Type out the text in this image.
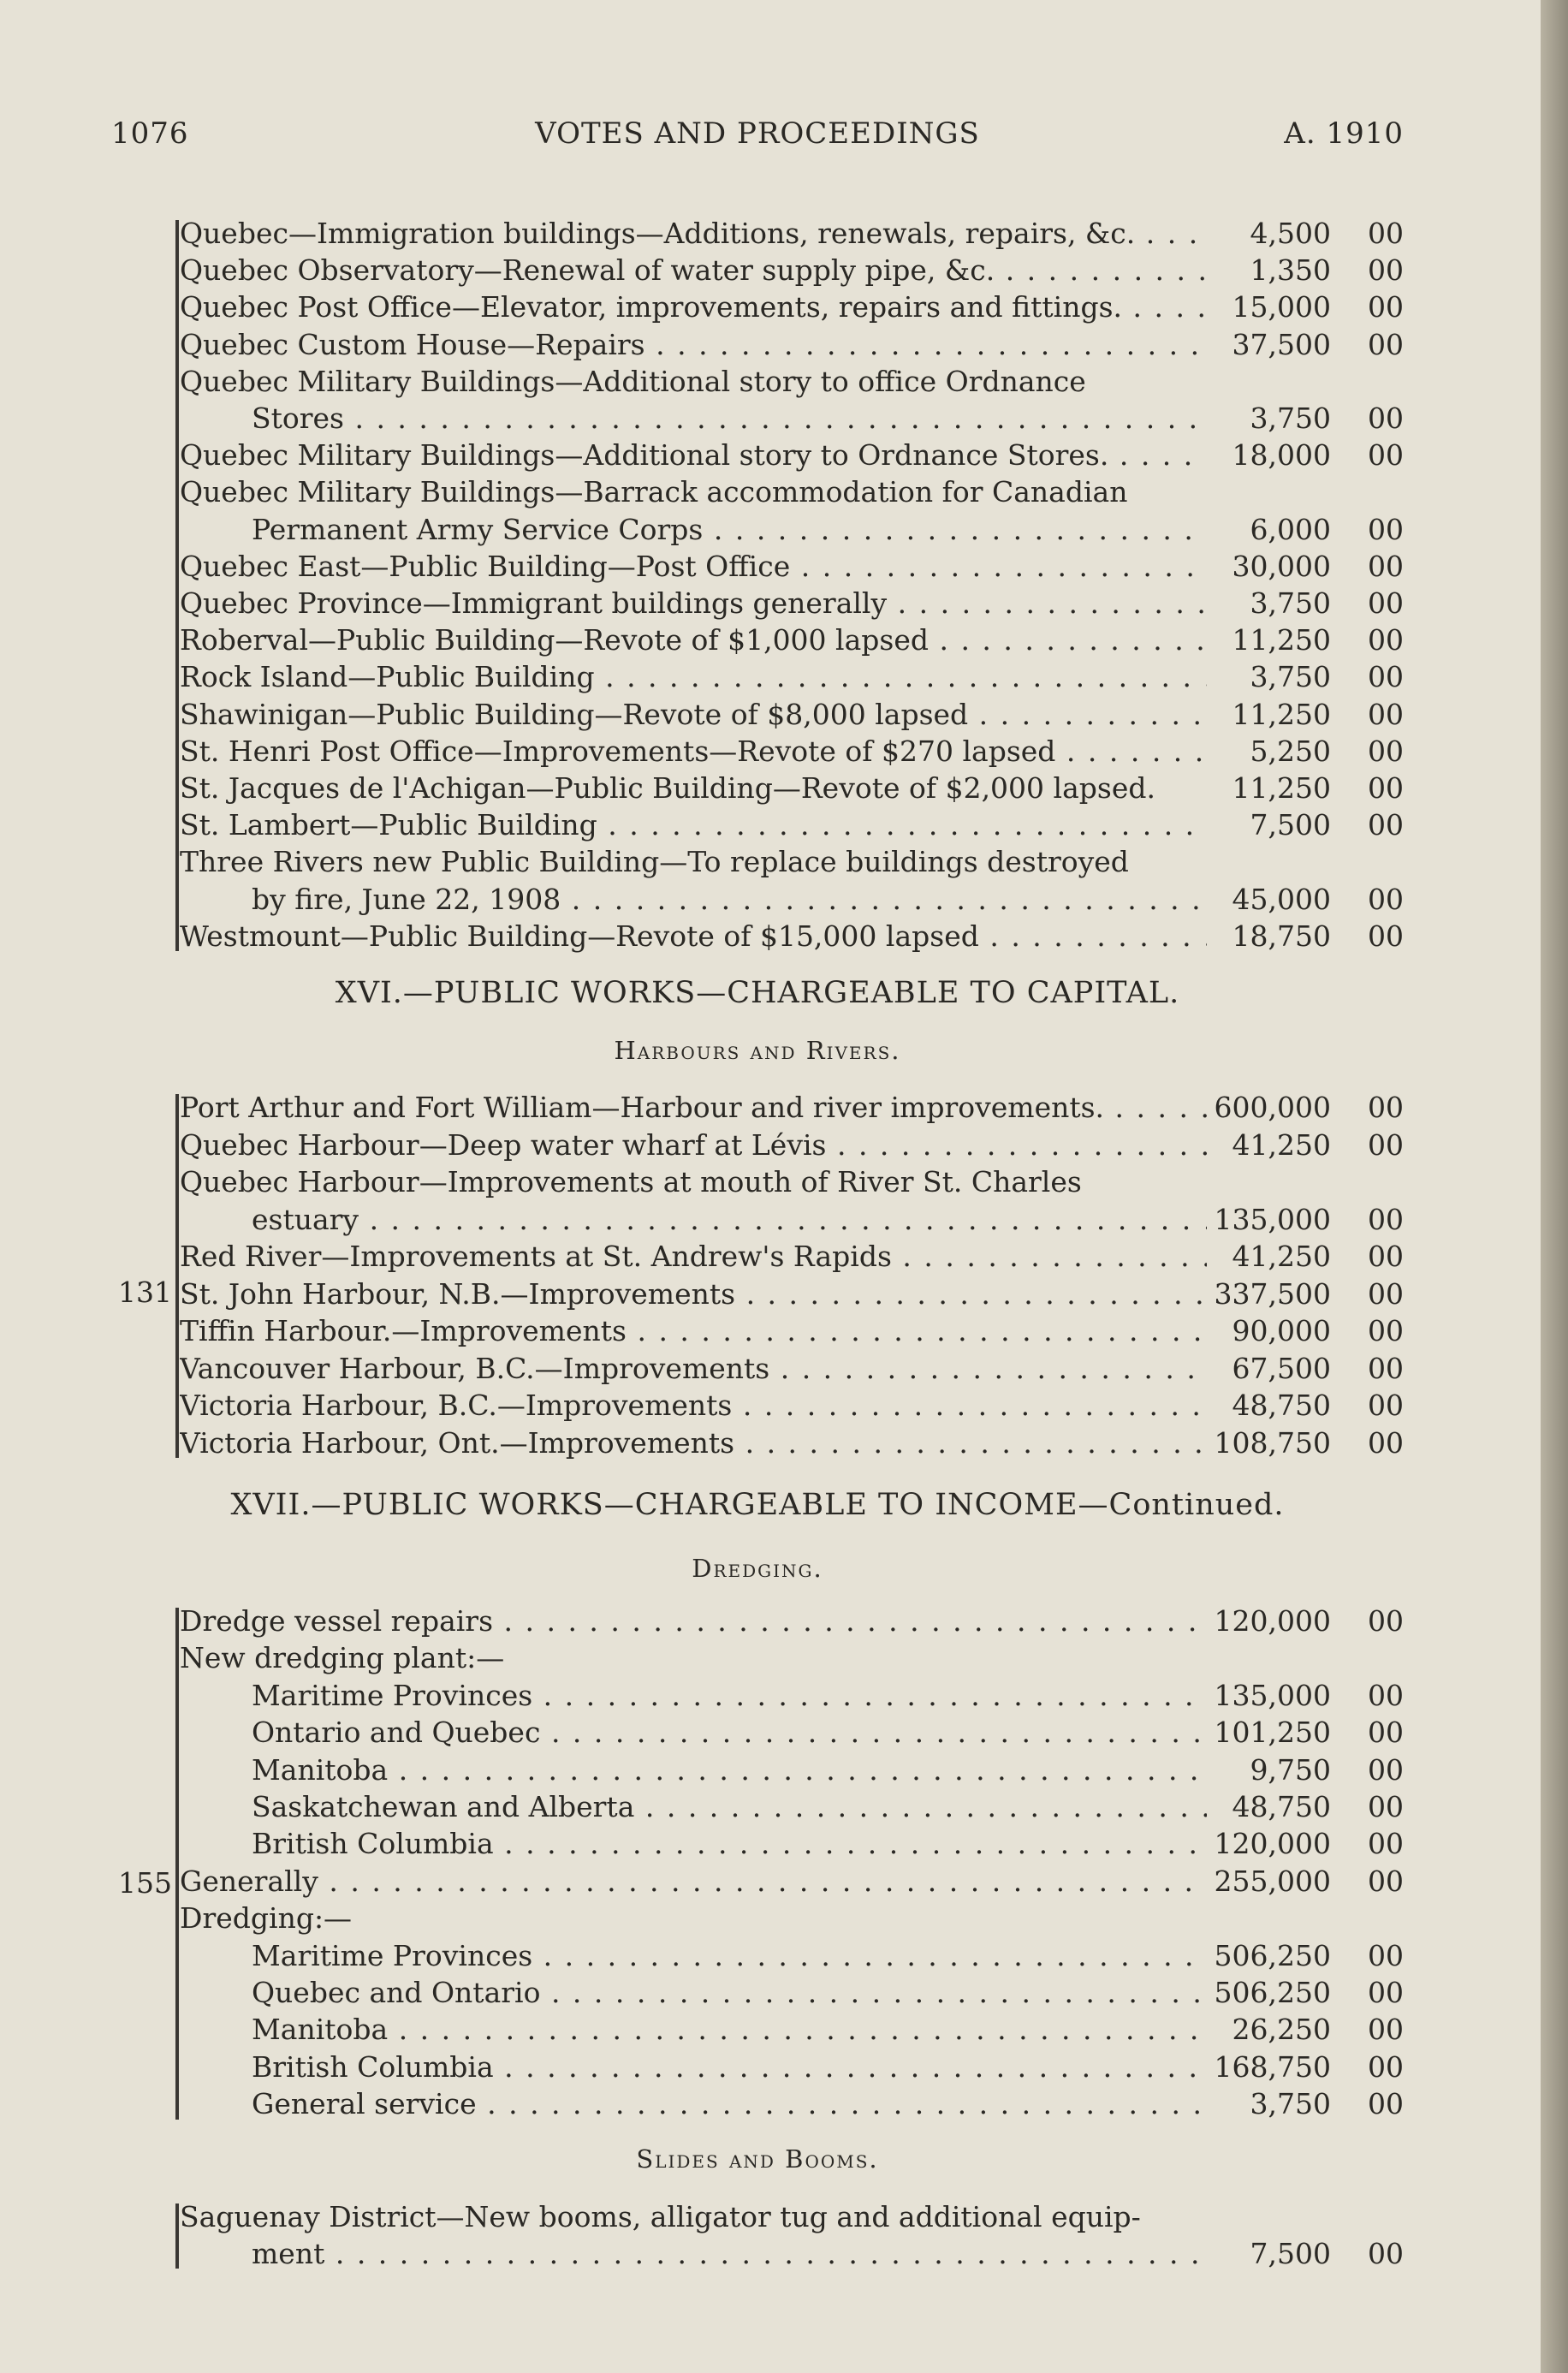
1076	VOTES AND PROCEEDINGS	A. 1910
Quebec—Immigration buildings—Additions, renewals, repairs, &c. . . .	4,500	00
Quebec Observatory—Renewal of water supply pipe, &c. . . .	1,350	00
Quebec Post Office—Elevator, improvements, repairs and fittings. . . .	15,000	00
Quebec Custom House—Repairs . . .	37,500	00
Quebec Military Buildings—Additional story to office Ordnance
Stores . . .	3,750	00
Quebec Military Buildings—Additional story to Ordnance Stores. . . .	18,000	00
Quebec Military Buildings—Barrack accommodation for Canadian
Permanent Army Service Corps . . .	6,000	00
Quebec East—Public Building—Post Office . . .	30,000	00
Quebec Province—Immigrant buildings generally . . .	3,750	00
Roberval—Public Building—Revote of $1,000 lapsed . . .	11,250	00
Rock Island—Public Building . . .	3,750	00
Shawinigan—Public Building—Revote of $8,000 lapsed . . .	11,250	00
St. Henri Post Office—Improvements—Revote of $270 lapsed . . .	5,250	00
St. Jacques de l'Achigan—Public Building—Revote of $2,000 lapsed.	11,250	00
St. Lambert—Public Building . . .	7,500	00
Three Rivers new Public Building—To replace buildings destroyed
by fire, June 22, 1908 . . .	45,000	00
Westmount—Public Building—Revote of $15,000 lapsed . . .	18,750	00
XVI.—PUBLIC WORKS—CHARGEABLE TO CAPITAL.
Harbours and Rivers.
131
Port Arthur and Fort William—Harbour and river improvements. . . .	600,000	00
Quebec Harbour—Deep water wharf at Lévis . . .	41,250	00
Quebec Harbour—Improvements at mouth of River St. Charles
estuary . . .	135,000	00
Red River—Improvements at St. Andrew's Rapids . . .	41,250	00
St. John Harbour, N.B.—Improvements . . .	337,500	00
Tiffin Harbour.—Improvements . . .	90,000	00
Vancouver Harbour, B.C.—Improvements . . .	67,500	00
Victoria Harbour, B.C.—Improvements . . .	48,750	00
Victoria Harbour, Ont.—Improvements . . .	108,750	00
XVII.—PUBLIC WORKS—CHARGEABLE TO INCOME—Continued.
Dredging.
155
Dredge vessel repairs . . .	120,000	00
New dredging plant:—
Maritime Provinces . . .	135,000	00
Ontario and Quebec . . .	101,250	00
Manitoba . . .	9,750	00
Saskatchewan and Alberta . . .	48,750	00
British Columbia . . .	120,000	00
Generally . . .	255,000	00
Dredging:—
Maritime Provinces . . .	506,250	00
Quebec and Ontario . . .	506,250	00
Manitoba . . .	26,250	00
British Columbia . . .	168,750	00
General service . . .	3,750	00
Slides and Booms.
Saguenay District—New booms, alligator tug and additional equip-
ment . . .	7,500	00
